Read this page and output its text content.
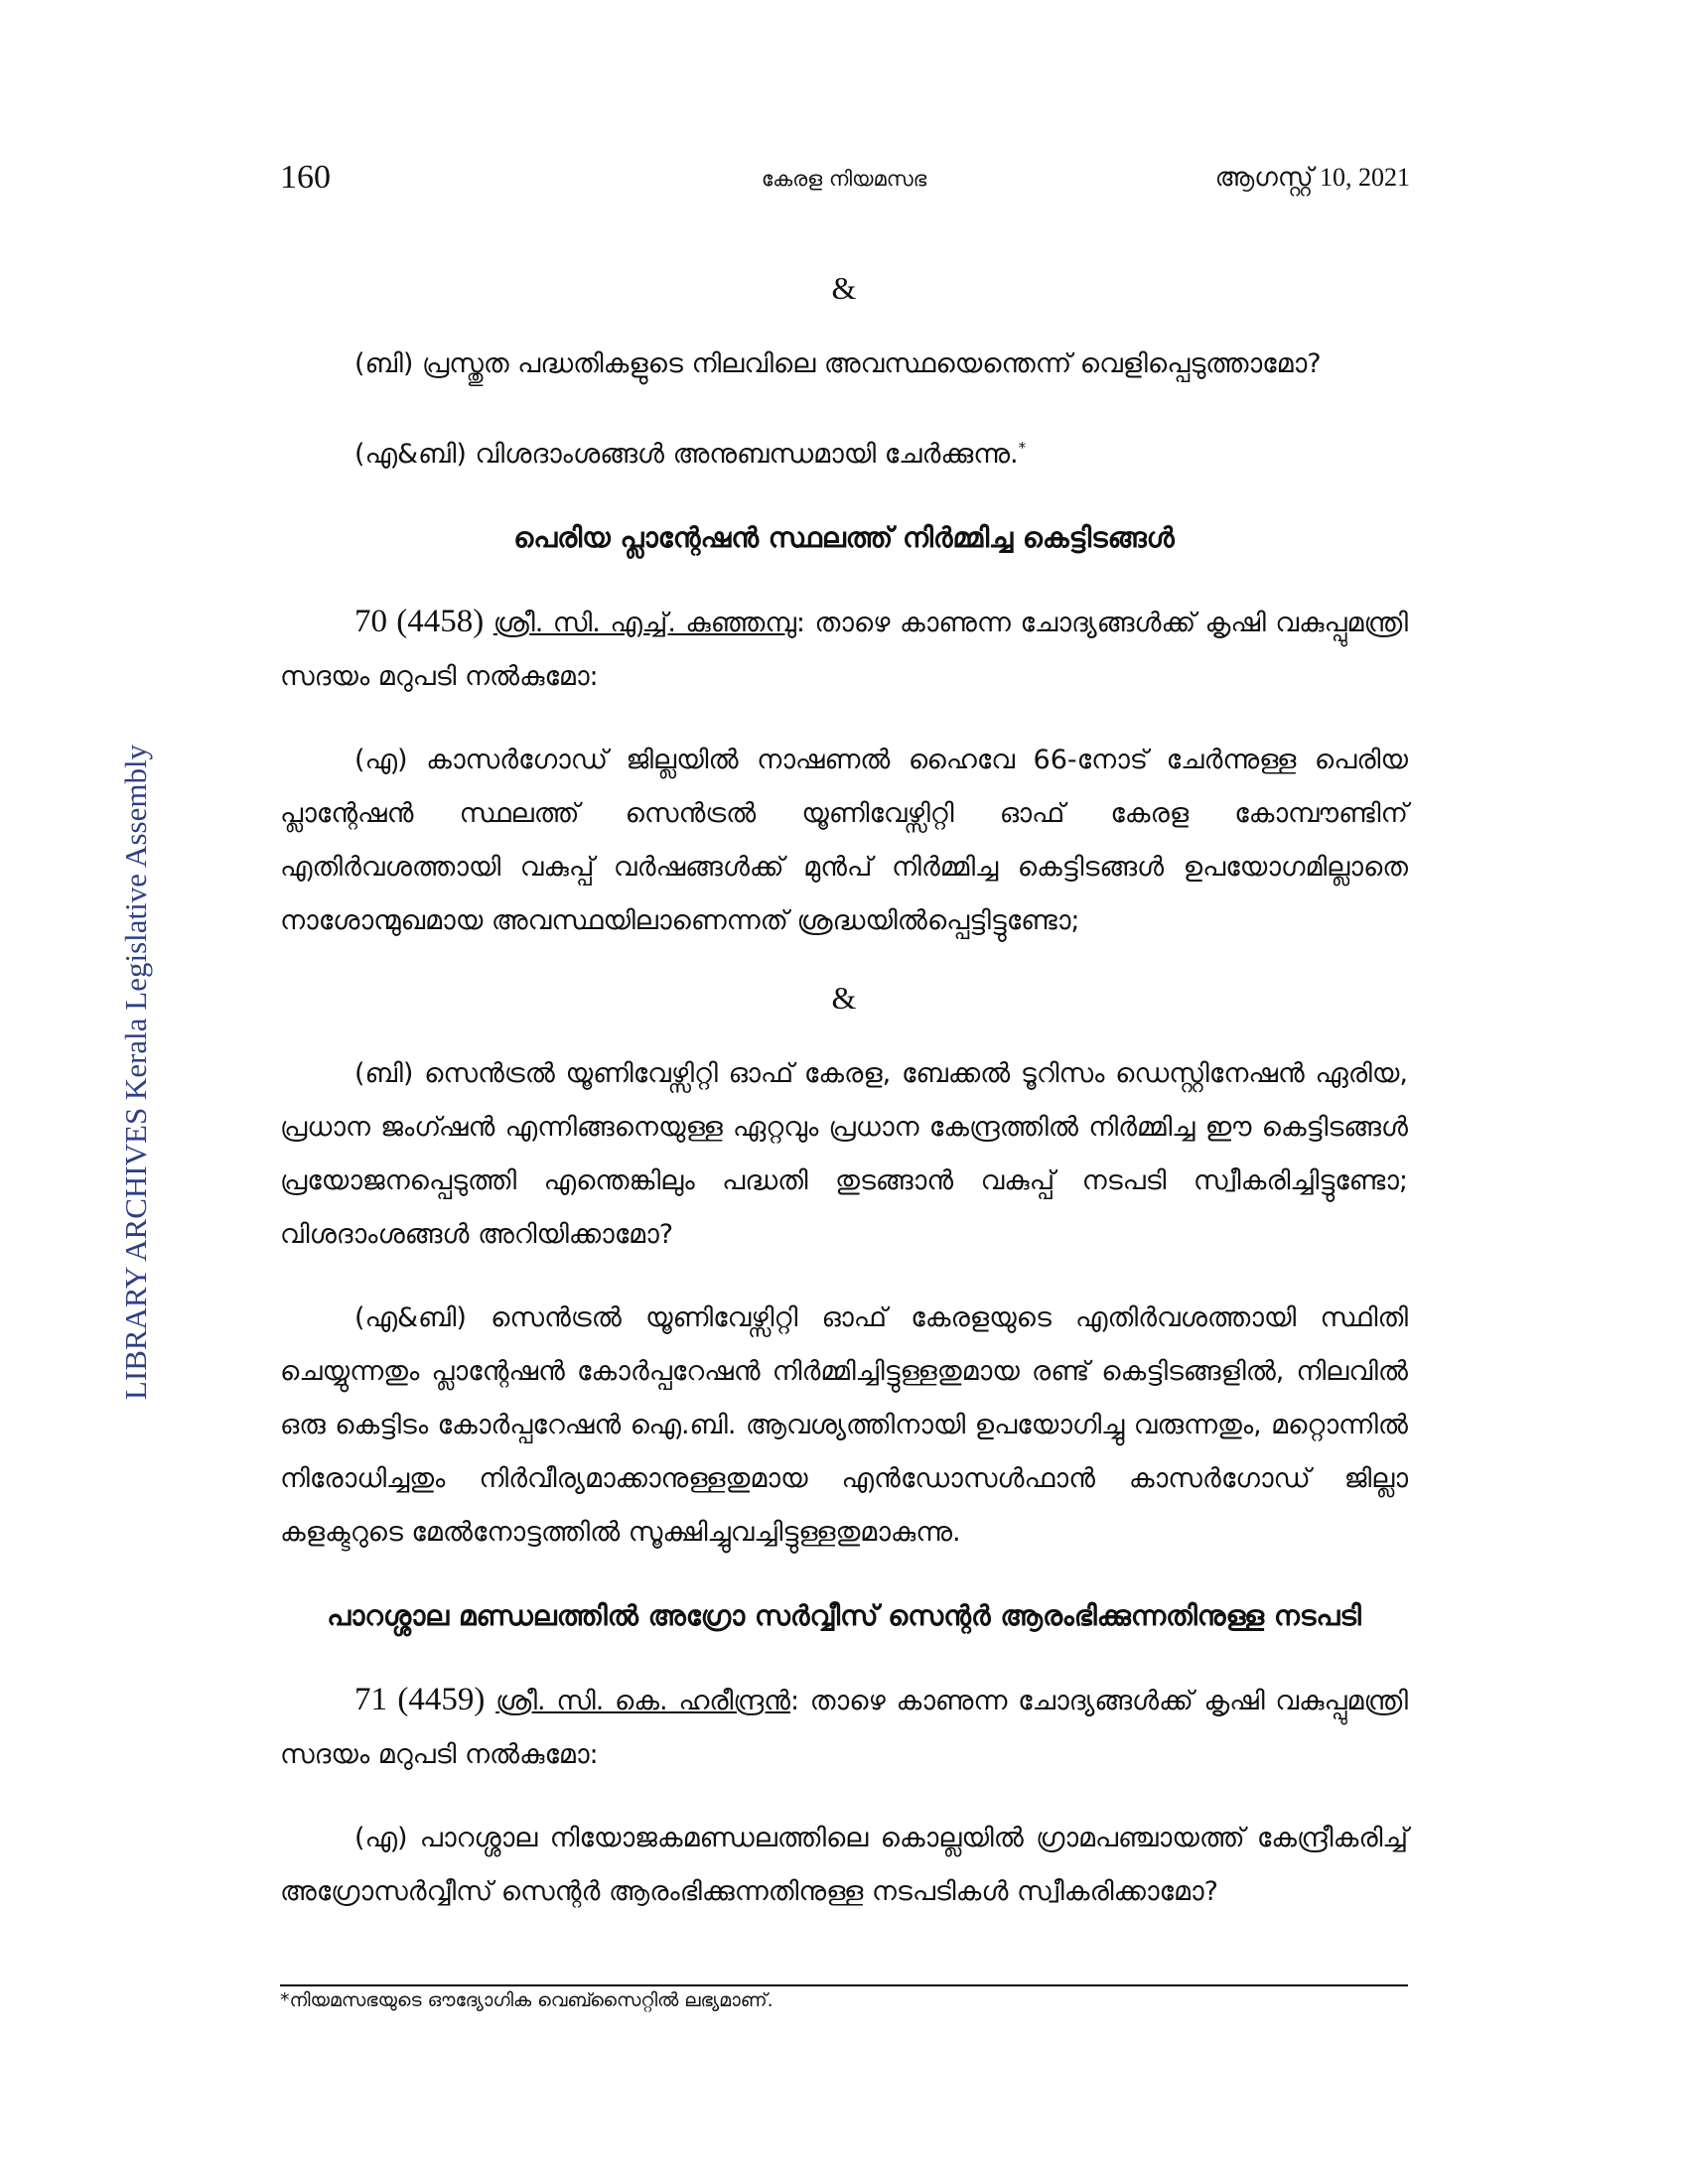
LIBRARY ARCHIVES Kerala Legislative Assembly
160	കേരള നിയമസഭ	ആഗസ്റ്റ് 10, 2021
&

(ബി) പ്രസ്തുത പദ്ധതികളുടെ നിലവിലെ അവസ്ഥയെന്തെന്ന് വെളിപ്പെടുത്താമോ?

(എ&ബി) വിശദാംശങ്ങൾ അനുബന്ധമായി ചേർക്കുന്നു.*

പെരിയ പ്ലാന്റേഷൻ സ്ഥലത്ത് നിർമ്മിച്ച കെട്ടിടങ്ങൾ

70 (4458) ശ്രീ. സി. എച്ച്. കുഞ്ഞമ്പു: താഴെ കാണുന്ന ചോദ്യങ്ങൾക്ക് കൃഷി വകുപ്പുമന്ത്രി സദയം മറുപടി നൽകുമോ:

(എ) കാസർഗോഡ് ജില്ലയിൽ നാഷണൽ ഹൈവേ 66-നോട് ചേർന്നുള്ള പെരിയ പ്ലാന്റേഷൻ സ്ഥലത്ത് സെൻട്രൽ യൂണിവേഴ്സിറ്റി ഓഫ് കേരള കോമ്പൗണ്ടിന് എതിർവശത്തായി വകുപ്പ് വർഷങ്ങൾക്ക് മുൻപ് നിർമ്മിച്ച കെട്ടിടങ്ങൾ ഉപയോഗമില്ലാതെ നാശോന്മുഖമായ അവസ്ഥയിലാണെന്നത് ശ്രദ്ധയിൽപ്പെട്ടിട്ടുണ്ടോ;

&

(ബി) സെൻട്രൽ യൂണിവേഴ്സിറ്റി ഓഫ് കേരള, ബേക്കൽ ടൂറിസം ഡെസ്റ്റിനേഷൻ ഏരിയ, പ്രധാന ജംഗ്ഷൻ എന്നിങ്ങനെയുള്ള ഏറ്റവും പ്രധാന കേന്ദ്രത്തിൽ നിർമ്മിച്ച ഈ കെട്ടിടങ്ങൾ പ്രയോജനപ്പെടുത്തി എന്തെങ്കിലും പദ്ധതി തുടങ്ങാൻ വകുപ്പ് നടപടി സ്വീകരിച്ചിട്ടുണ്ടോ; വിശദാംശങ്ങൾ അറിയിക്കാമോ?

(എ&ബി) സെൻട്രൽ യൂണിവേഴ്സിറ്റി ഓഫ് കേരളയുടെ എതിർവശത്തായി സ്ഥിതി ചെയ്യുന്നതും പ്ലാന്റേഷൻ കോർപ്പറേഷൻ നിർമ്മിച്ചിട്ടുള്ളതുമായ രണ്ട് കെട്ടിടങ്ങളിൽ, നിലവിൽ ഒരു കെട്ടിടം കോർപ്പറേഷൻ ഐ.ബി. ആവശ്യത്തിനായി ഉപയോഗിച്ചു വരുന്നതും, മറ്റൊന്നിൽ നിരോധിച്ചതും നിർവീര്യമാക്കാനുള്ളതുമായ എൻഡോസൾഫാൻ കാസർഗോഡ് ജില്ലാ കളക്ടറുടെ മേൽനോട്ടത്തിൽ സൂക്ഷിച്ചുവച്ചിട്ടുള്ളതുമാകുന്നു.

പാറശ്ശാല മണ്ഡലത്തിൽ അഗ്രോ സർവ്വീസ് സെന്റർ ആരംഭിക്കുന്നതിനുള്ള നടപടി

71 (4459) ശ്രീ. സി. കെ. ഹരീന്ദ്രൻ: താഴെ കാണുന്ന ചോദ്യങ്ങൾക്ക് കൃഷി വകുപ്പുമന്ത്രി സദയം മറുപടി നൽകുമോ:

(എ) പാറശ്ശാല നിയോജകമണ്ഡലത്തിലെ കൊല്ലയിൽ ഗ്രാമപഞ്ചായത്ത് കേന്ദ്രീകരിച്ച് അഗ്രോസർവ്വീസ് സെന്റർ ആരംഭിക്കുന്നതിനുള്ള നടപടികൾ സ്വീകരിക്കാമോ?

*നിയമസഭയുടെ ഔദ്യോഗിക വെബ്സൈറ്റിൽ ലഭ്യമാണ്.
